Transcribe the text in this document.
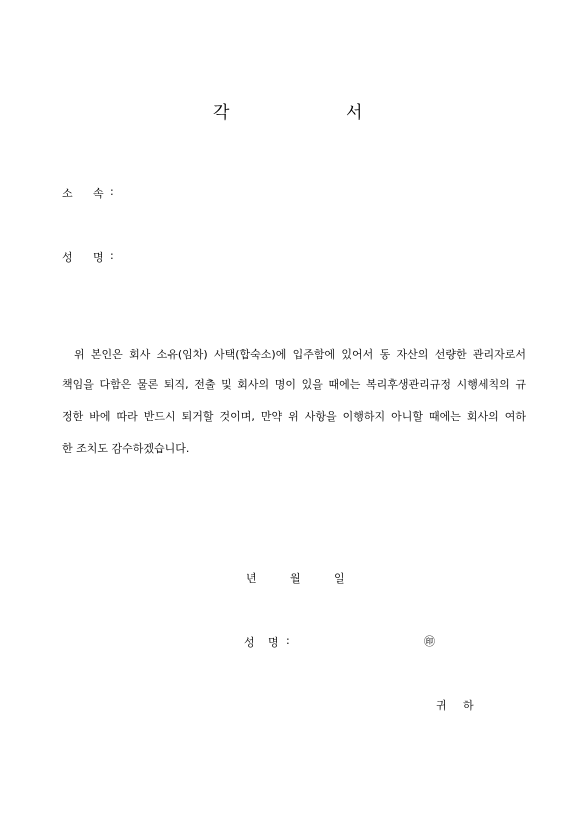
각	서
소 속 :
성 명 :
위 본인은 회사 소유(임차) 사택(합숙소)에 입주함에 있어서 동 자산의 선량한 관리자로서
책임을 다함은 물론 퇴직, 전출 및 회사의 명이 있을 때에는 복리후생관리규정 시행세칙의 규
정한 바에 따라 반드시 퇴거할 것이며, 만약 위 사항을 이행하지 아니할 때에는 회사의 여하
한 조치도 감수하겠습니다.
년	월	일
성 명 :	㊞
귀 하
